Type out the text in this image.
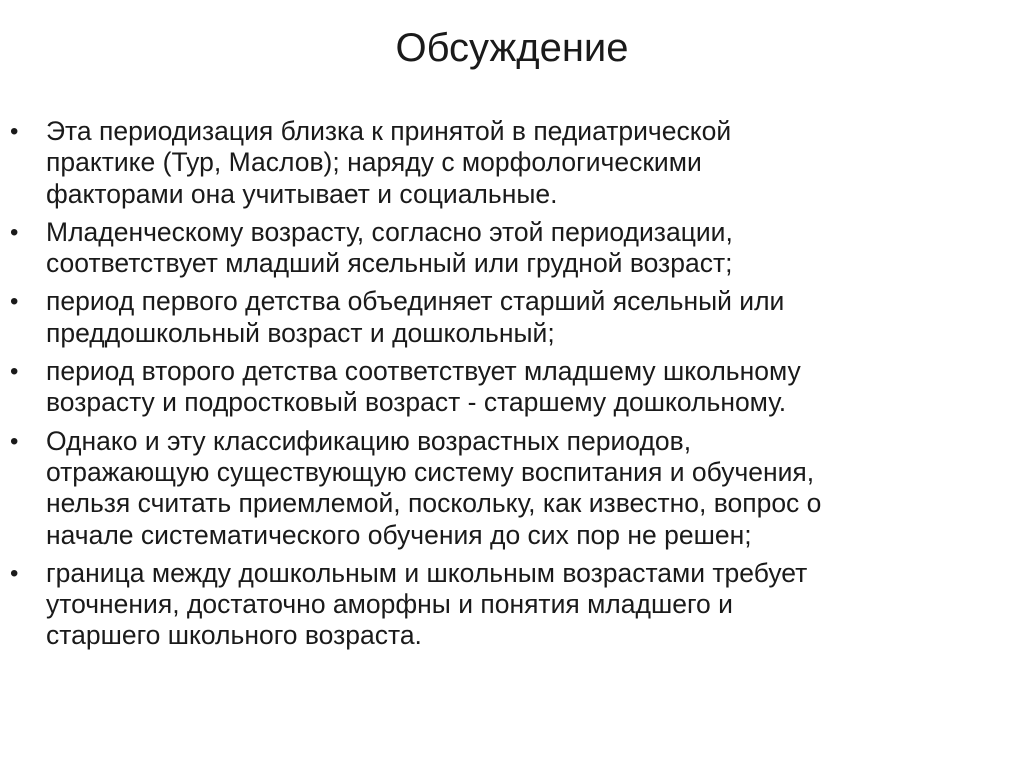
Обсуждение
•	Эта периодизация близка к принятой в педиатрической
практике (Тур, Маслов); наряду с морфологическими
факторами она учитывает и социальные.
•	Младенческому возрасту, согласно этой периодизации,
соответствует младший ясельный или грудной возраст;
•	период первого детства объединяет старший ясельный или
преддошкольный возраст и дошкольный;
•	период второго детства соответствует младшему школьному
возрасту и подростковый возраст - старшему дошкольному.
•	Однако и эту классификацию возрастных периодов,
отражающую существующую систему воспитания и обучения,
нельзя считать приемлемой, поскольку, как известно, вопрос о
начале систематического обучения до сих пор не решен;
•	граница между дошкольным и школьным возрастами требует
уточнения, достаточно аморфны и понятия младшего и
старшего школьного возраста.
